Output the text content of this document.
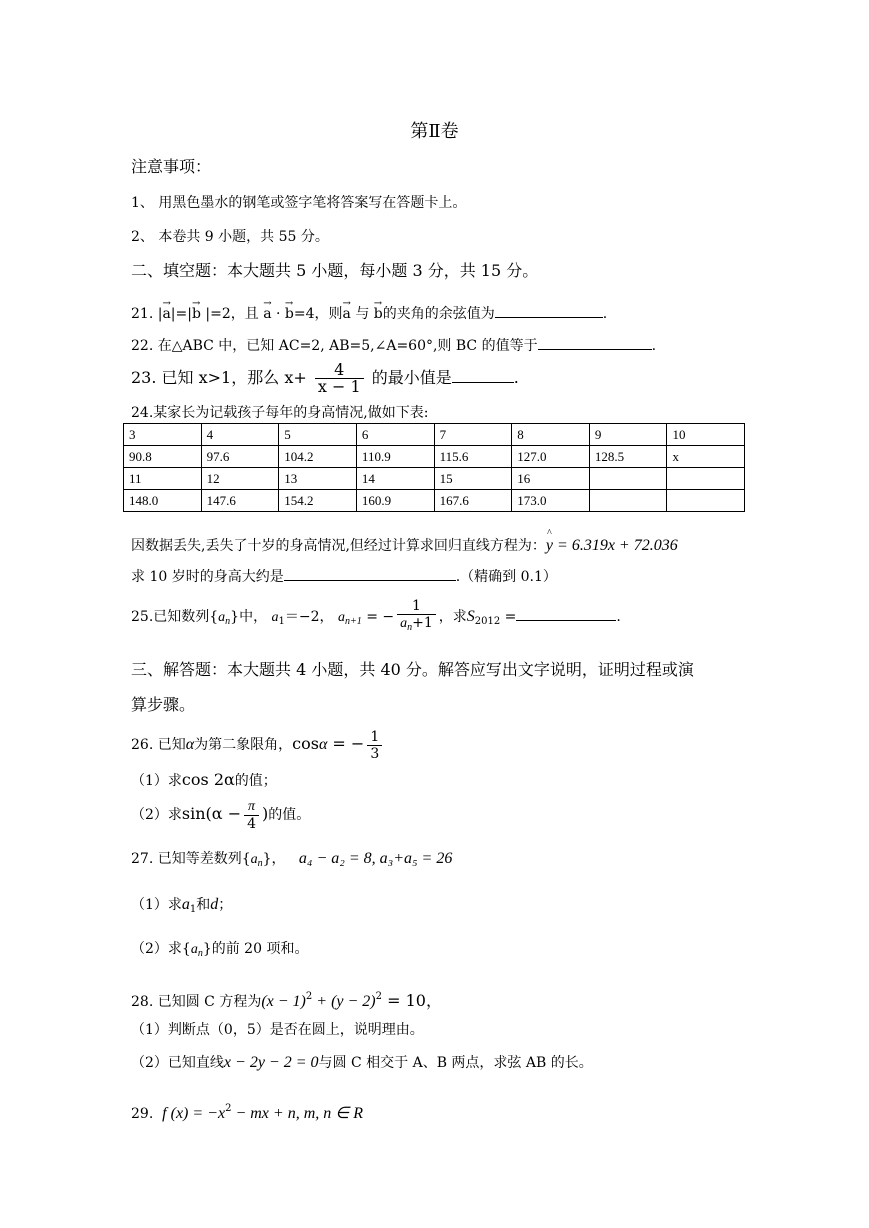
第Ⅱ卷
注意事项：
1、 用黑色墨水的钢笔或签字笔将答案写在答题卡上。
2、 本卷共 9 小题，共 55 分。
二、填空题：本大题共 5 小题，每小题 3 分，共 15 分。
21. |→ a|=|→ b |=2，且 → a · → b=4，则→ a 与 → b的夹角的余弦值为	.
22. 在△ABC 中，已知 AC=2, AB=5,∠A=60°,则 BC 的值等于	.
23. 已知 x>1，那么 $x+ \frac{4}{x - 1}$ 的最小值是	.
24.某家长为记载孩子每年的身高情况,做如下表:
3	4	5	6	7	8	9	10
90.8	97.6	104.2	110.9	115.6	127.0	128.5	x
11	12	13	14	15	16		
148.0	147.6	154.2	160.9	167.6	173.0		
因数据丢失,丢失了十岁的身高情况,但经过计算求回归直线方程为：^ y = 6.319x + 72.036
求 10 岁时的身高大约是	.（精确到 0.1）
25.已知数列$\{a_n\}$中， $a_1=-2$， $a_{n+1}$ = − $\frac{1}{a_n+1}$ ，求$S_{2012}$ =	.
三、解答题：本大题共 4 小题，共 40 分。解答应写出文字说明，证明过程或演
算步骤。
26. 已知α为第二象限角，cosα = − $\frac{1}{3}$
（1）求cos 2α的值；
（2）求$\sin(\alpha - \frac{\pi}{4}$ )的值。
27. 已知等差数列$\{a_n\}$， a₄ − a₂ = 8, a₃+a₅ = 26
（1）求$a_1$和d；
（2）求$\{a_n\}$的前 20 项和。
28. 已知圆 C 方程为$(x - 1)^2 + (y - 2)^2 = 10$，
（1）判断点（0，5）是否在圆上，说明理由。
（2）已知直线x − 2y − 2 = 0与圆 C 相交于 A、B 两点，求弦 AB 的长。
29. f $(x) = -x^2$ − mx + n, m, n ∈ R
